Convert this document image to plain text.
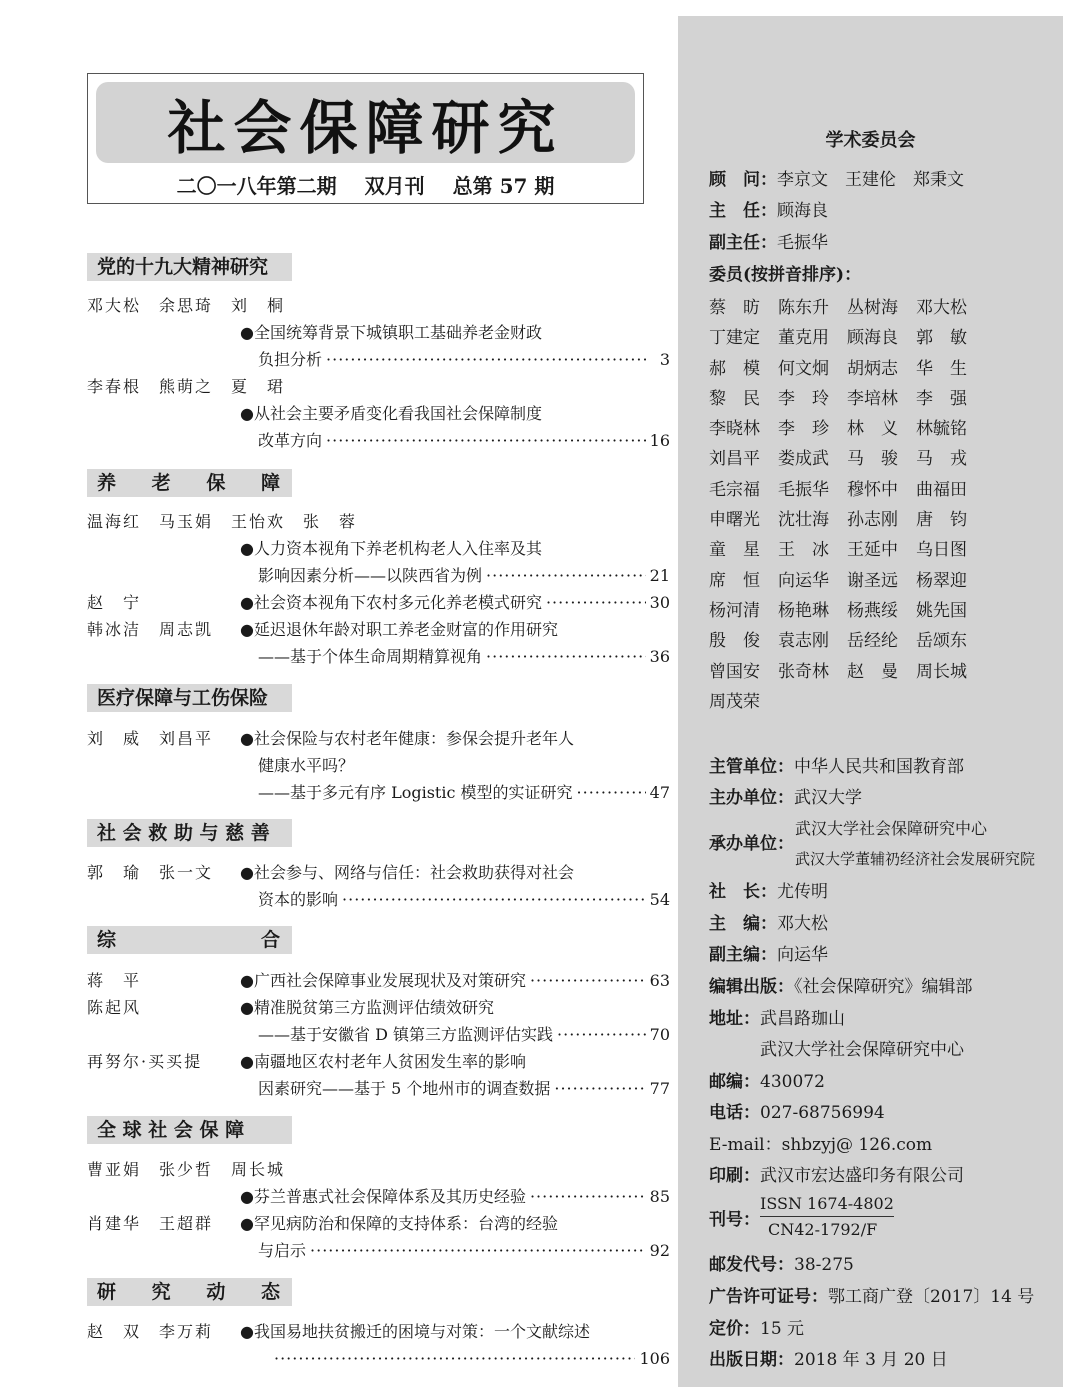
社会保障研究
二〇一八年第二期 双月刊 总第 57 期
党的十九大精神研究
邓大松　余思琦　刘　桐
●全国统筹背景下城镇职工基础养老金财政
负担分析 ·····	3
李春根　熊萌之　夏　珺
●从社会主要矛盾变化看我国社会保障制度
改革方向 ·····	16
养 老 保 障
温海红　马玉娟　王怡欢　张　蓉
●人力资本视角下养老机构老人入住率及其
影响因素分析——以陕西省为例 ·····	21
赵　宁	●社会资本视角下农村多元化养老模式研究 ·····	30
韩冰洁　周志凯 ●延迟退休年龄对职工养老金财富的作用研究
——基于个体生命周期精算视角 ·····	36
医疗保障与工伤保险
刘　威　刘昌平 ●社会保险与农村老年健康：参保会提升老年人
健康水平吗？
——基于多元有序 Logistic 模型的实证研究 ·····	47
社 会 救 助 与 慈 善
郭　瑜　张一文 ●社会参与、网络与信任：社会救助获得对社会
资本的影响 ·····	54
综	合
蒋　平	●广西社会保障事业发展现状及对策研究 ·····	63
陈起风	●精准脱贫第三方监测评估绩效研究
——基于安徽省 D 镇第三方监测评估实践 ·····	70
再努尔·买买提 ●南疆地区农村老年人贫困发生率的影响
因素研究——基于 5 个地州市的调查数据 ·····	77
全 球 社 会 保 障
曹亚娟　张少哲　周长城
●芬兰普惠式社会保障体系及其历史经验 ·····	85
肖建华　王超群 ●罕见病防治和保障的支持体系：台湾的经验
与启示 ·····	92
研 究 动 态
赵　双　李万莉 ●我国易地扶贫搬迁的困境与对策：一个文献综述
·····
106
学术委员会
顾　问：李京文　王建伦　郑秉文
主　任：顾海良
副主任：毛振华
委员(按拼音排序)：
蔡　昉	陈东升	丛树海	邓大松
丁建定	董克用	顾海良	郭　敏
郝　模	何文炯	胡炳志	华　生
黎　民	李　玲	李培林	李　强
李晓林	李　珍	林　义	林毓铭
刘昌平	娄成武	马　骏	马　戎
毛宗福	毛振华	穆怀中	曲福田
申曙光	沈壮海	孙志刚	唐　钧
童　星	王　冰	王延中	乌日图
席　恒	向运华	谢圣远	杨翠迎
杨河清	杨艳琳	杨燕绥	姚先国
殷　俊	袁志刚	岳经纶	岳颂东
曾国安	张奇林	赵　曼	周长城
周茂荣
主管单位：中华人民共和国教育部
主办单位：武汉大学
承办单位：
武汉大学社会保障研究中心
武汉大学董辅礽经济社会发展研究院
社　长：尤传明
主　编：邓大松
副主编：向运华
编辑出版：《社会保障研究》编辑部
地址：武昌路珈山
武汉大学社会保障研究中心
邮编：430072
电话：027-68756994
E-mail：shbzyj@ 126.com
印刷：武汉市宏达盛印务有限公司
刊号：
ISSN 1674-4802
CN42-1792/F
邮发代号：38-275
广告许可证号：鄂工商广登〔2017〕14 号
定价：15 元
出版日期：2018 年 3 月 20 日
